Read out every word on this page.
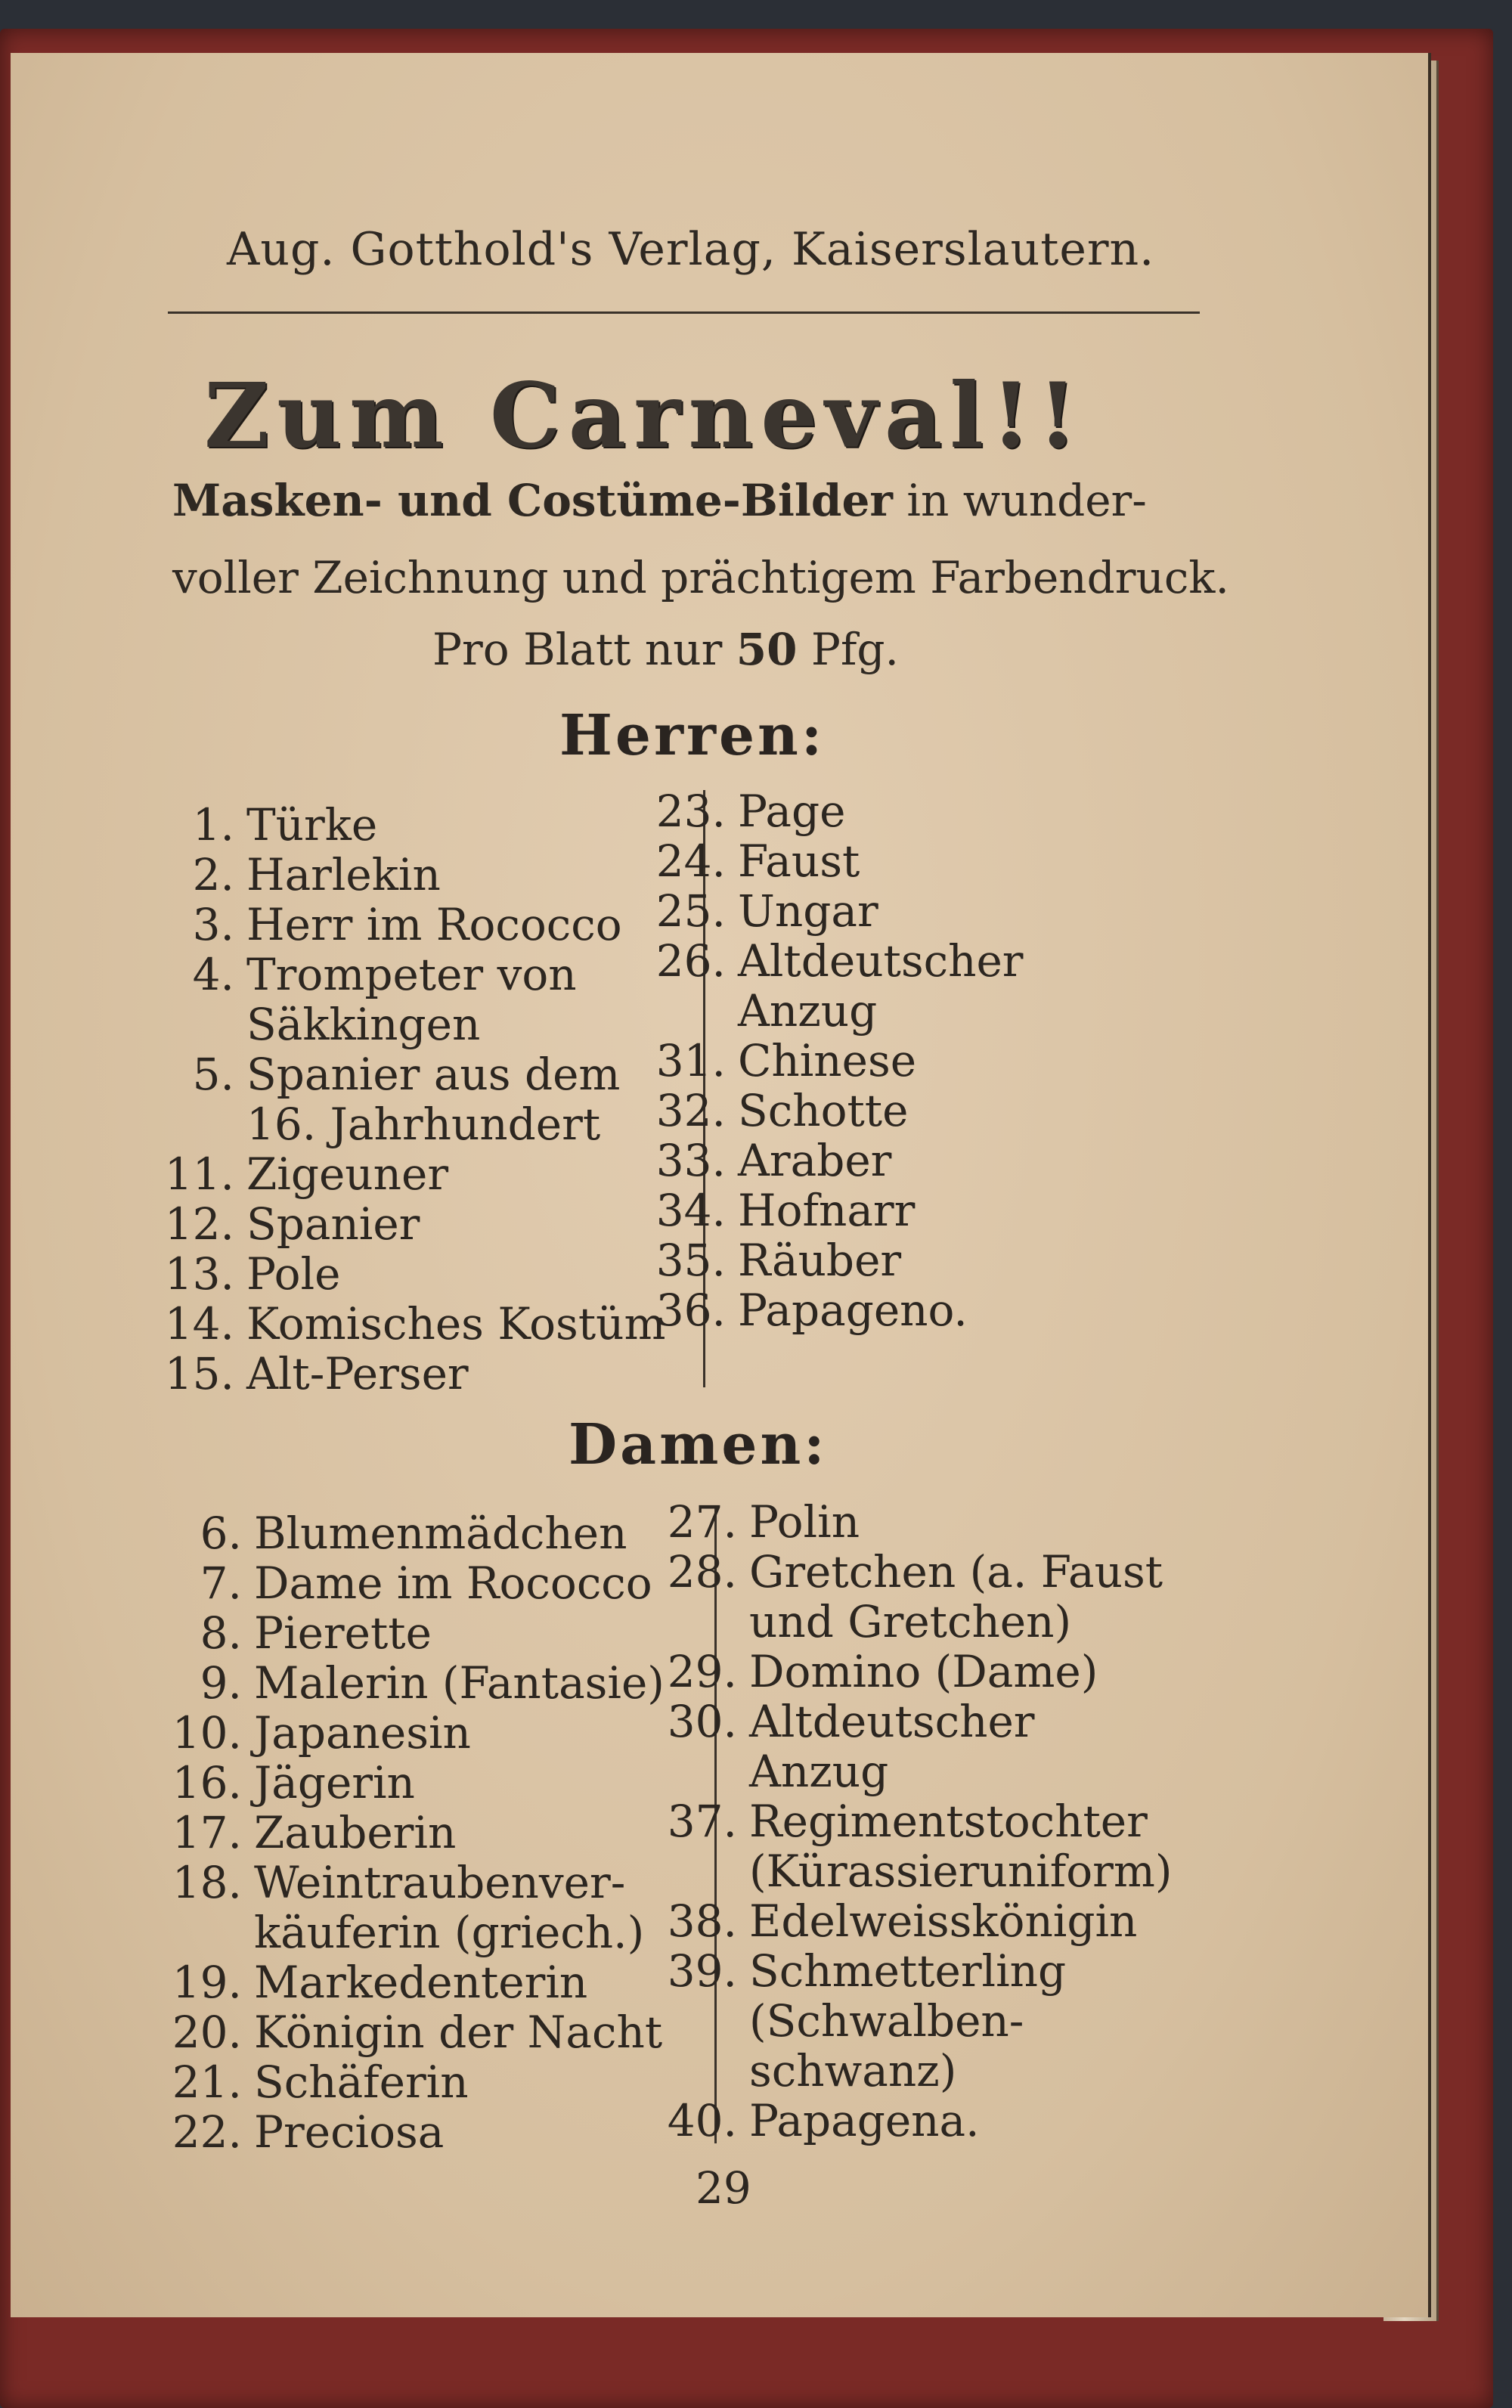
Aug. Gotthold's Verlag, Kaiserslautern.
Zum Carneval!!
Masken- und Costüme-Bilder in wunder-
voller Zeichnung und prächtigem Farbendruck.
Pro Blatt nur 50 Pfg.
Herren:
Damen:
1. Türke
2. Harlekin
3. Herr im Rococco
4. Trompeter von
Säkkingen
5. Spanier aus dem
16. Jahrhundert
11. Zigeuner
12. Spanier
13. Pole
14. Komisches Kostüm
15. Alt-Perser
23. Page
24. Faust
25. Ungar
26. Altdeutscher
Anzug
31. Chinese
32. Schotte
33. Araber
34. Hofnarr
35. Räuber
36. Papageno.
6. Blumenmädchen
7. Dame im Rococco
8. Pierette
9. Malerin (Fantasie)
10. Japanesin
16. Jägerin
17. Zauberin
18. Weintraubenver-
käuferin (griech.)
19. Markedenterin
20. Königin der Nacht
21. Schäferin
22. Preciosa
27. Polin
28. Gretchen (a. Faust
und Gretchen)
29. Domino (Dame)
30. Altdeutscher
Anzug
37. Regimentstochter
(Kürassieruniform)
38. Edelweisskönigin
39. Schmetterling
(Schwalben-
schwanz)
40. Papagena.
29
